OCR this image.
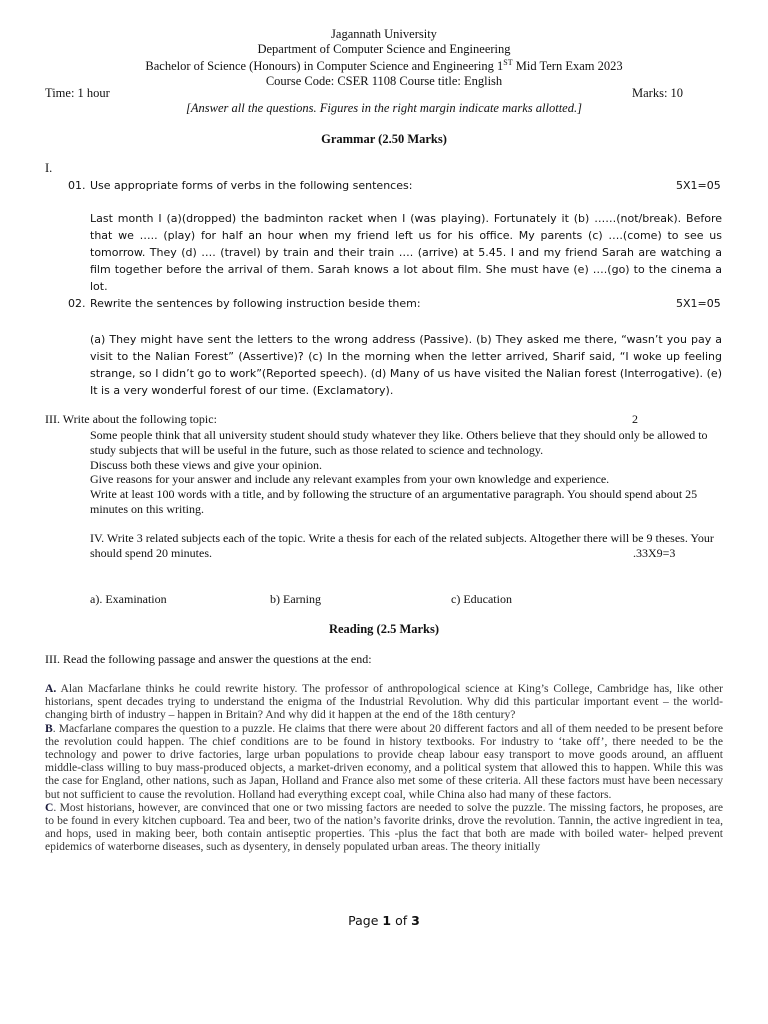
Jagannath University
Department of Computer Science and Engineering
Bachelor of Science (Honours) in Computer Science and Engineering 1ST Mid Tern Exam 2023
Course Code: CSER 1108 Course title: English
Time: 1 hour	Marks: 10
[Answer all the questions. Figures in the right margin indicate marks allotted.]
Grammar (2.50 Marks)
I.
01. Use appropriate forms of verbs in the following sentences:	5X1=05
Last month I (a)(dropped) the badminton racket when I (was playing). Fortunately it (b) ……(not/break). Before that we ….. (play) for half an hour when my friend left us for his office. My parents (c) ….(come) to see us tomorrow. They (d) …. (travel) by train and their train …. (arrive) at 5.45. I and my friend Sarah are watching a film together before the arrival of them. Sarah knows a lot about film. She must have (e) ….(go) to the cinema a lot.
02. Rewrite the sentences by following instruction beside them:	5X1=05
(a) They might have sent the letters to the wrong address (Passive). (b) They asked me there, “wasn’t you pay a visit to the Nalian Forest” (Assertive)? (c) In the morning when the letter arrived, Sharif said, “I woke up feeling strange, so I didn’t go to work”(Reported speech). (d) Many of us have visited the Nalian forest (Interrogative). (e) It is a very wonderful forest of our time. (Exclamatory).
III. Write about the following topic:	2
Some people think that all university student should study whatever they like. Others believe that they should only be allowed to study subjects that will be useful in the future, such as those related to science and technology.
Discuss both these views and give your opinion.
Give reasons for your answer and include any relevant examples from your own knowledge and experience.
Write at least 100 words with a title, and by following the structure of an argumentative paragraph. You should spend about 25 minutes on this writing.
IV. Write 3 related subjects each of the topic. Write a thesis for each of the related subjects. Altogether there will be 9 theses. Your should spend 20 minutes.	.33X9=3
a). Examination	b) Earning	c) Education
Reading (2.5 Marks)
III. Read the following passage and answer the questions at the end:
A. Alan Macfarlane thinks he could rewrite history. The professor of anthropological science at King’s College, Cambridge has, like other historians, spent decades trying to understand the enigma of the Industrial Revolution. Why did this particular important event – the world- changing birth of industry – happen in Britain? And why did it happen at the end of the 18th century?
B. Macfarlane compares the question to a puzzle. He claims that there were about 20 different factors and all of them needed to be present before the revolution could happen. The chief conditions are to be found in history textbooks. For industry to ‘take off’, there needed to be the technology and power to drive factories, large urban populations to provide cheap labour easy transport to move goods around, an affluent middle-class willing to buy mass-produced objects, a market-driven economy, and a political system that allowed this to happen. While this was the case for England, other nations, such as Japan, Holland and France also met some of these criteria. All these factors must have been necessary but not sufficient to cause the revolution. Holland had everything except coal, while China also had many of these factors.
C. Most historians, however, are convinced that one or two missing factors are needed to solve the puzzle. The missing factors, he proposes, are to be found in every kitchen cupboard. Tea and beer, two of the nation’s favorite drinks, drove the revolution. Tannin, the active ingredient in tea, and hops, used in making beer, both contain antiseptic properties. This -plus the fact that both are made with boiled water- helped prevent epidemics of waterborne diseases, such as dysentery, in densely populated urban areas. The theory initially
Page 1 of 3
